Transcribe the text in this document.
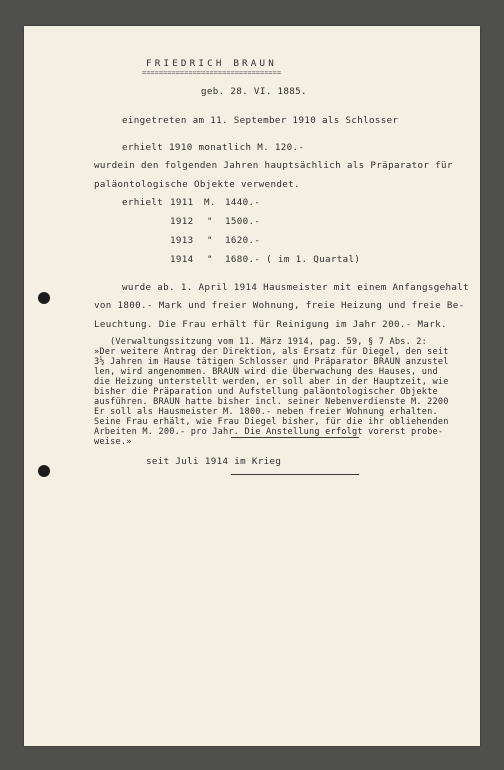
FRIEDRICH BRAUN
=================================
geb. 28. VI. 1885.
eingetreten am 11. September 1910 als Schlosser
erhielt 1910 monatlich M. 120.-
wurdein den folgenden Jahren hauptsächlich als Präparator für
paläontologische Objekte verwendet.
erhielt 1911 M. 1440.-
1912 " 1500.-
1913 " 1620.-
1914 " 1680.- ( im 1. Quartal)
wurde ab. 1. April 1914 Hausmeister mit einem Anfangsgehalt
von 1800.- Mark und freier Wohnung, freie Heizung und freie Be-
Leuchtung. Die Frau erhält für Reinigung im Jahr 200.- Mark.
(Verwaltungssitzung vom 11. März 1914, pag. 59, § 7 Abs. 2:
»Der weitere Antrag der Direktion, als Ersatz für Diegel, den seit
3½ Jahren im Hause tätigen Schlosser und Präparator BRAUN anzustel
len, wird angenommen. BRAUN wird die Überwachung des Hauses, und
die Heizung unterstellt werden, er soll aber in der Hauptzeit, wie
bisher die Präparation und Aufstellung paläontologischer Objekte
ausführen. BRAUN hatte bisher incl. seiner Nebenverdienste M. 2200
Er soll als Hausmeister M. 1800.- neben freier Wohnung erhalten.
Seine Frau erhält, wie Frau Diegel bisher, für die ihr obliehenden
Arbeiten M. 200.- pro Jahr. Die Anstellung erfolgt vorerst probe-
weise.»
seit Juli 1914 im Krieg
